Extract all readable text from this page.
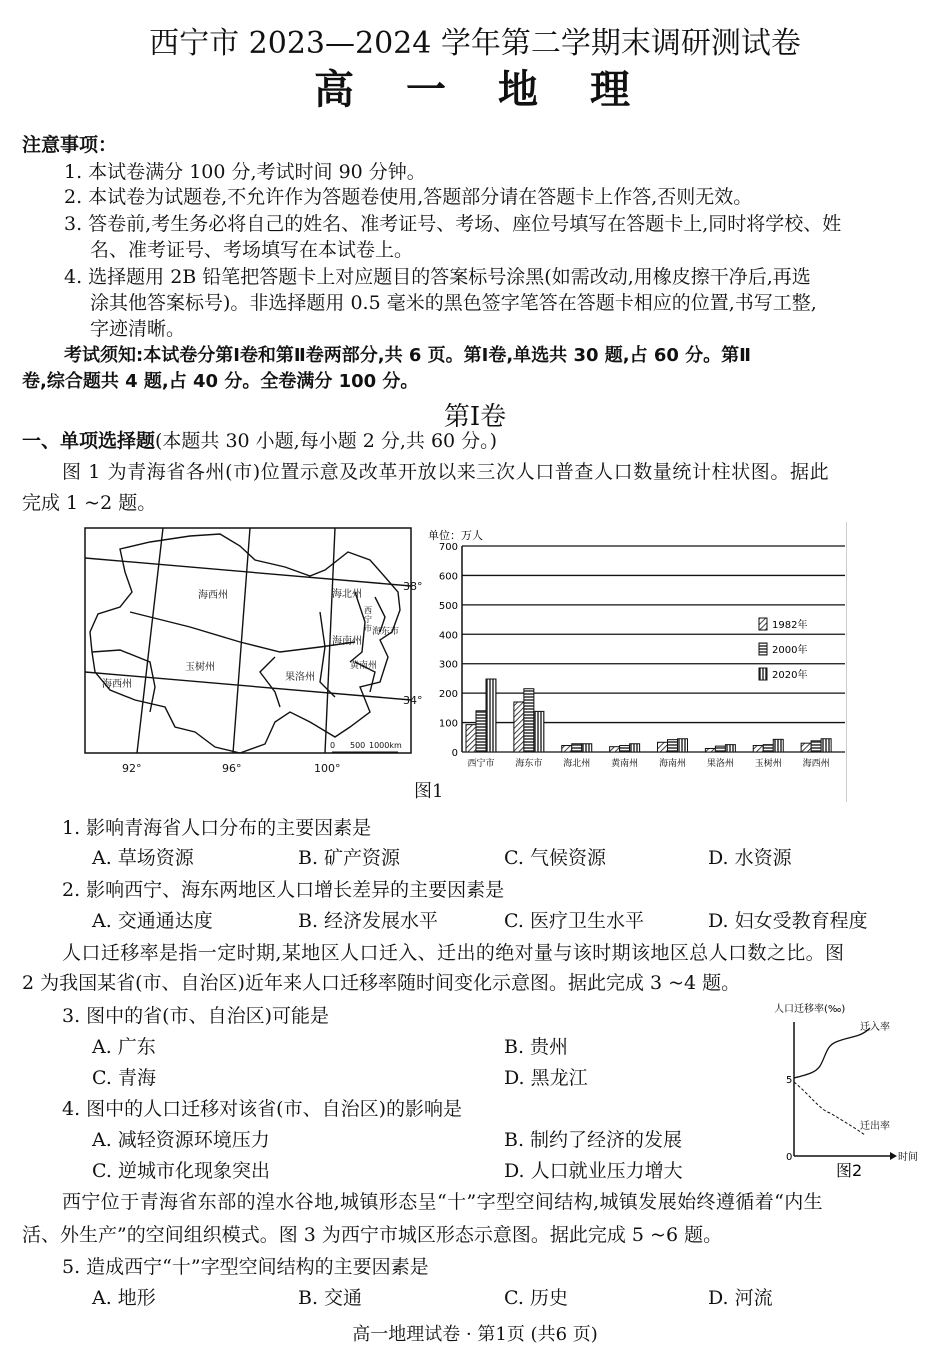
西宁市 2023—2024 学年第二学期末调研测试卷
高　一　地　理
注意事项：
1. 本试卷满分 100 分,考试时间 90 分钟。
2. 本试卷为试题卷,不允许作为答题卷使用,答题部分请在答题卡上作答,否则无效。
3. 答卷前,考生务必将自己的姓名、准考证号、考场、座位号填写在答题卡上,同时将学校、姓
名、准考证号、考场填写在本试卷上。
4. 选择题用 2B 铅笔把答题卡上对应题目的答案标号涂黑(如需改动,用橡皮擦干净后,再选
涂其他答案标号)。非选择题用 0.5 毫米的黑色签字笔答在答题卡相应的位置,书写工整,
字迹清晰。
考试须知:本试卷分第Ⅰ卷和第Ⅱ卷两部分,共 6 页。第Ⅰ卷,单选共 30 题,占 60 分。第Ⅱ
卷,综合题共 4 题,占 40 分。全卷满分 100 分。
第Ⅰ卷
一、单项选择题(本题共 30 小题,每小题 2 分,共 60 分。)
图 1 为青海省各州(市)位置示意及改革开放以来三次人口普查人口数量统计柱状图。据此
完成 1 ~2 题。
海西州
玉树州
海西州
果洛州
海北州
西
宁
市 海东市
海南州
黄南州
38°
34°
92°	96°	100°
0 500 1000km
单位：万人
0
100
200
300
400
500
600
700
西宁市 海东市 海北州 黄南州 海南州 果洛州 玉树州 海西州
1982年
2000年
2020年
图1
1. 影响青海省人口分布的主要因素是
A. 草场资源	B. 矿产资源	C. 气候资源	D. 水资源
2. 影响西宁、海东两地区人口增长差异的主要因素是
A. 交通通达度	B. 经济发展水平	C. 医疗卫生水平	D. 妇女受教育程度
人口迁移率是指一定时期,某地区人口迁入、迁出的绝对量与该时期该地区总人口数之比。图
2 为我国某省(市、自治区)近年来人口迁移率随时间变化示意图。据此完成 3 ~4 题。
3. 图中的省(市、自治区)可能是
A. 广东	B. 贵州
C. 青海	D. 黑龙江
4. 图中的人口迁移对该省(市、自治区)的影响是
A. 减轻资源环境压力	B. 制约了经济的发展
C. 逆城市化现象突出	D. 人口就业压力增大
人口迁移率(‰)
时间
0
5
迁入率
迁出率
图2
西宁位于青海省东部的湟水谷地,城镇形态呈“十”字型空间结构,城镇发展始终遵循着“内生
活、外生产”的空间组织模式。图 3 为西宁市城区形态示意图。据此完成 5 ~6 题。
5. 造成西宁“十”字型空间结构的主要因素是
A. 地形	B. 交通	C. 历史	D. 河流
高一地理试卷 · 第1页 (共6 页)
